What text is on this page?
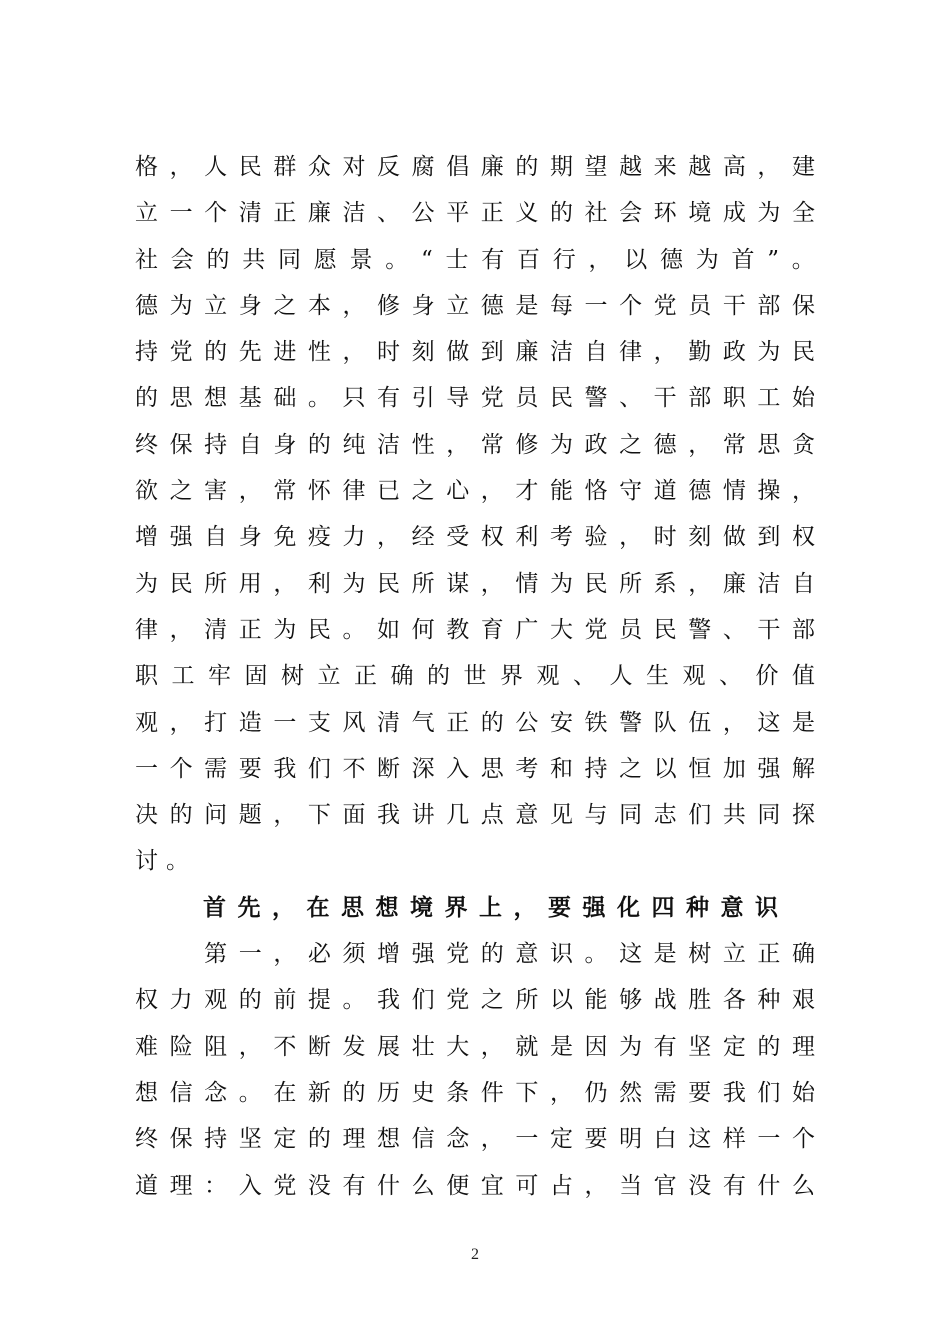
格 ， 人 民 群 众 对 反 腐 倡 廉 的 期 望 越 来 越 高 ， 建
立 一 个 清 正 廉 洁 、 公 平 正 义 的 社 会 环 境 成 为 全
社 会 的 共 同 愿 景 。 “ 士 有 百 行 ， 以 德 为 首 ” 。
德 为 立 身 之 本 ， 修 身 立 德 是 每 一 个 党 员 干 部 保
持 党 的 先 进 性 ， 时 刻 做 到 廉 洁 自 律 ， 勤 政 为 民
的 思 想 基 础 。 只 有 引 导 党 员 民 警 、 干 部 职 工 始
终 保 持 自 身 的 纯 洁 性 ， 常 修 为 政 之 德 ， 常 思 贪
欲 之 害 ， 常 怀 律 已 之 心 ， 才 能 恪 守 道 德 情 操 ，
增 强 自 身 免 疫 力 ， 经 受 权 利 考 验 ， 时 刻 做 到 权
为 民 所 用 ， 利 为 民 所 谋 ， 情 为 民 所 系 ， 廉 洁 自
律 ， 清 正 为 民 。 如 何 教 育 广 大 党 员 民 警 、 干 部
职 工 牢 固 树 立 正 确 的 世 界 观 、 人 生 观 、 价 值
观 ， 打 造 一 支 风 清 气 正 的 公 安 铁 警 队 伍 ， 这 是
一 个 需 要 我 们 不 断 深 入 思 考 和 持 之 以 恒 加 强 解
决 的 问 题 ， 下 面 我 讲 几 点 意 见 与 同 志 们 共 同 探
讨。
首先，在思想境界上，要强化四种意识

第 一 ， 必 须 增 强 党 的 意 识 。 这 是 树 立 正 确
权 力 观 的 前 提 。 我 们 党 之 所 以 能 够 战 胜 各 种 艰
难 险 阻 ， 不 断 发 展 壮 大 ， 就 是 因 为 有 坚 定 的 理
想 信 念 。 在 新 的 历 史 条 件 下 ， 仍 然 需 要 我 们 始
终 保 持 坚 定 的 理 想 信 念 ， 一 定 要 明 白 这 样 一 个
道 理 ： 入 党 没 有 什 么 便 宜 可 占 ， 当 官 没 有 什 么
2
